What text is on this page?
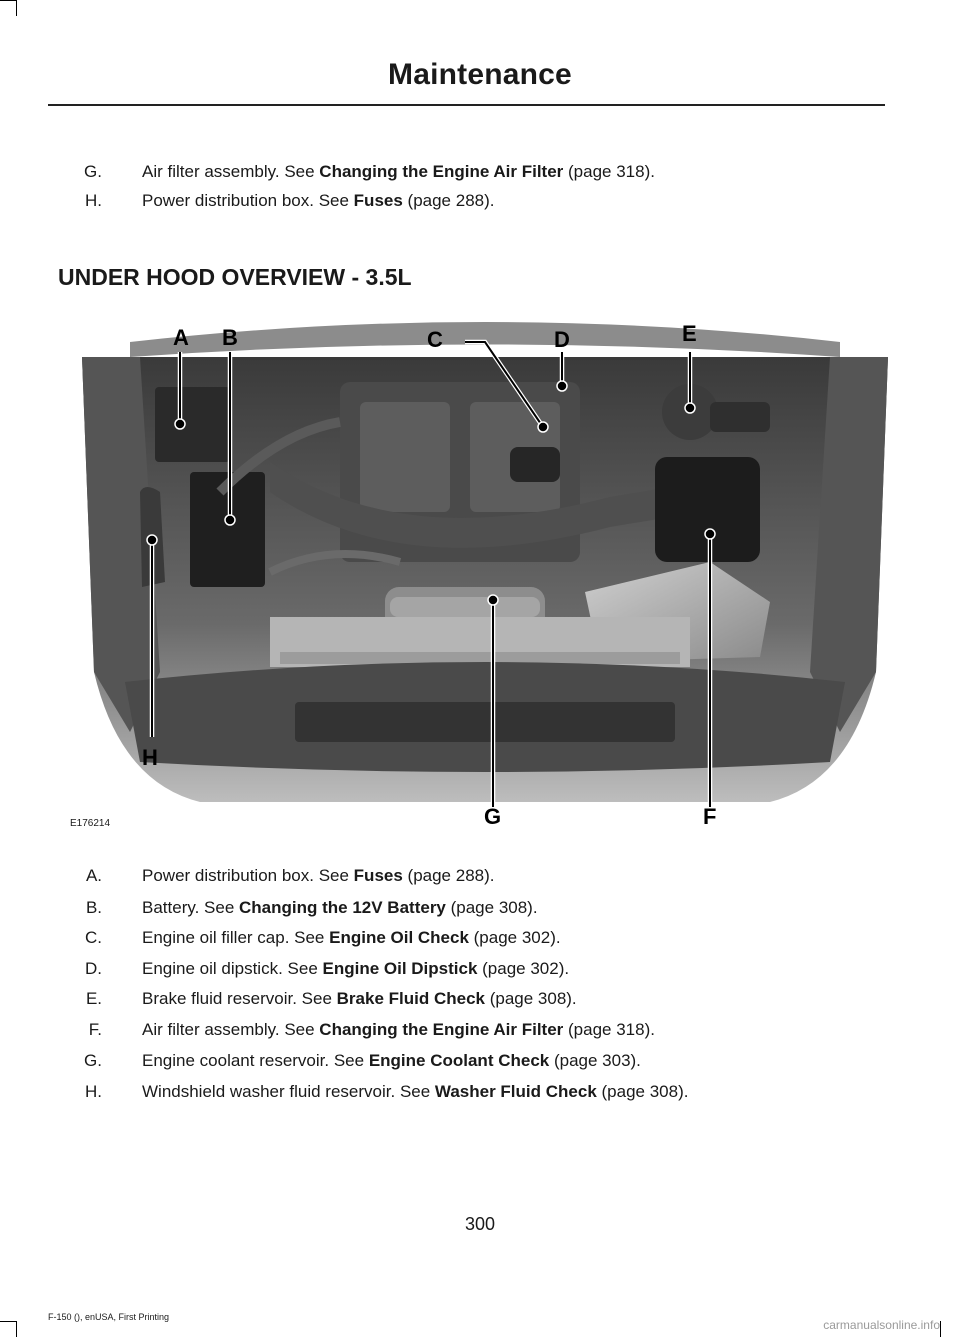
Maintenance
G. Air filter assembly. See Changing the Engine Air Filter (page 318).
H. Power distribution box. See Fuses (page 288).
UNDER HOOD OVERVIEW - 3.5L
A B	C	D	E
F
G
H
E176214
A. Power distribution box. See Fuses (page 288).
B. Battery. See Changing the 12V Battery (page 308).
C. Engine oil filler cap. See Engine Oil Check (page 302).
D. Engine oil dipstick. See Engine Oil Dipstick (page 302).
E. Brake fluid reservoir. See Brake Fluid Check (page 308).
F. Air filter assembly. See Changing the Engine Air Filter (page 318).
G. Engine coolant reservoir. See Engine Coolant Check (page 303).
H. Windshield washer fluid reservoir. See Washer Fluid Check (page 308).
300
F-150 (), enUSA, First Printing
carmanualsonline.info
